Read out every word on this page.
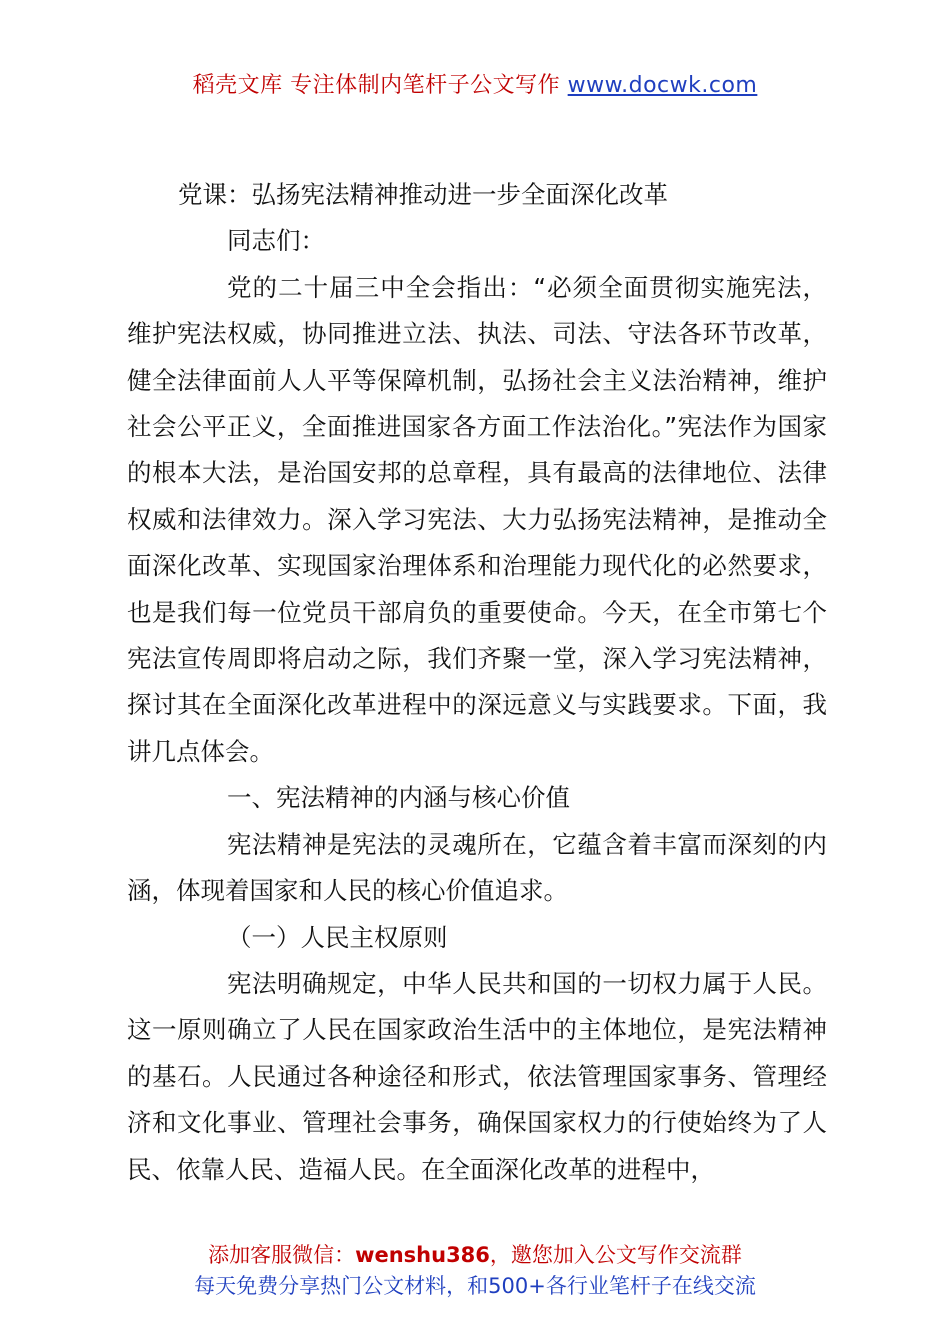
稻壳文库 专注体制内笔杆子公文写作 www.docwk.com

党课：弘扬宪法精神推动进一步全面深化改革

同志们：

党的二十届三中全会指出：“必须全面贯彻实施宪法，维护宪法权威，协同推进立法、执法、司法、守法各环节改革，健全法律面前人人平等保障机制，弘扬社会主义法治精神，维护社会公平正义，全面推进国家各方面工作法治化。”宪法作为国家的根本大法，是治国安邦的总章程，具有最高的法律地位、法律权威和法律效力。深入学习宪法、大力弘扬宪法精神，是推动全面深化改革、实现国家治理体系和治理能力现代化的必然要求，也是我们每一位党员干部肩负的重要使命。今天，在全市第七个宪法宣传周即将启动之际，我们齐聚一堂，深入学习宪法精神，探讨其在全面深化改革进程中的深远意义与实践要求。下面，我讲几点体会。

一、宪法精神的内涵与核心价值

宪法精神是宪法的灵魂所在，它蕴含着丰富而深刻的内涵，体现着国家和人民的核心价值追求。

（一）人民主权原则

宪法明确规定，中华人民共和国的一切权力属于人民。这一原则确立了人民在国家政治生活中的主体地位，是宪法精神的基石。人民通过各种途径和形式，依法管理国家事务、管理经济和文化事业、管理社会事务，确保国家权力的行使始终为了人民、依靠人民、造福人民。在全面深化改革的进程中，

添加客服微信：wenshu386，邀您加入公文写作交流群
每天免费分享热门公文材料，和500+各行业笔杆子在线交流
